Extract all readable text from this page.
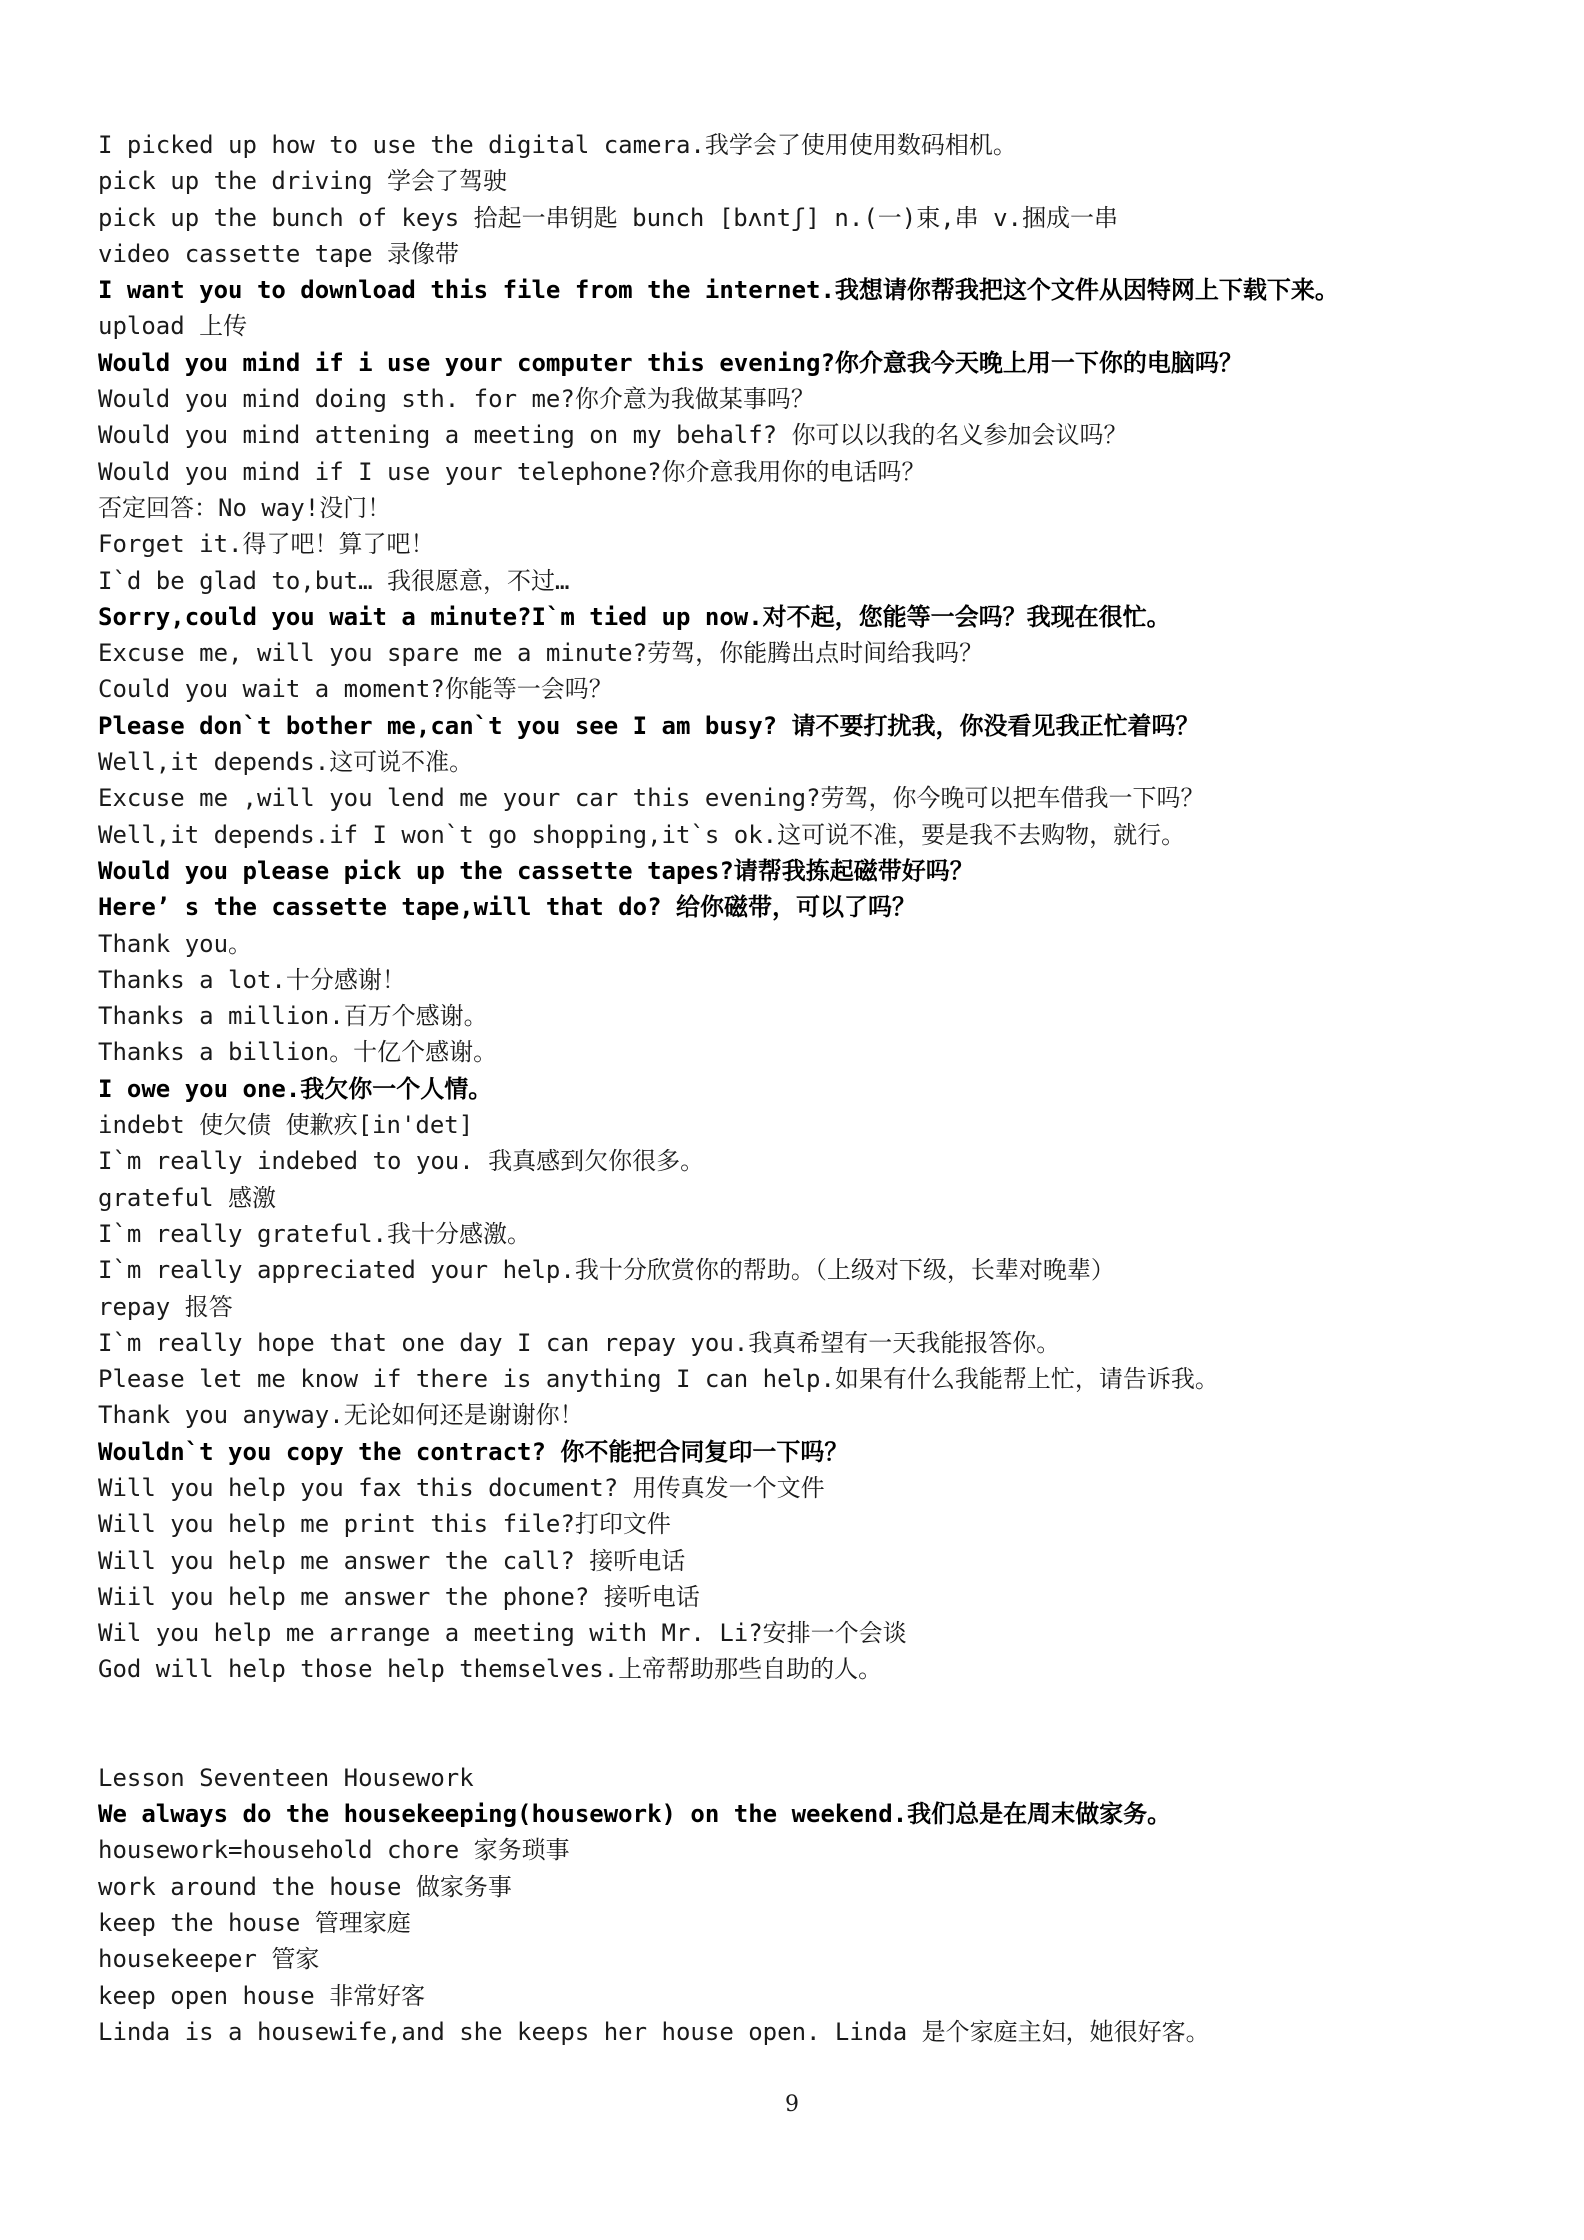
I picked up how to use the digital camera.我学会了使用使用数码相机。
pick up the driving 学会了驾驶
pick up the bunch of keys 拾起一串钥匙 bunch [bʌntʃ] n.(一)束,串 v.捆成一串
video cassette tape 录像带
I want you to download this file from the internet.我想请你帮我把这个文件从因特网上下载下来。
upload 上传
Would you mind if i use your computer this evening?你介意我今天晚上用一下你的电脑吗？
Would you mind doing sth. for me?你介意为我做某事吗？
Would you mind attening a meeting on my behalf? 你可以以我的名义参加会议吗？
Would you mind if I use your telephone?你介意我用你的电话吗？
否定回答：No way!没门！
Forget it.得了吧！算了吧！
I`d be glad to,but… 我很愿意，不过…
Sorry,could you wait a minute?I`m tied up now.对不起，您能等一会吗？我现在很忙。
Excuse me, will you spare me a minute?劳驾，你能腾出点时间给我吗？
Could you wait a moment?你能等一会吗？
Please don`t bother me,can`t you see I am busy? 请不要打扰我，你没看见我正忙着吗？
Well,it depends.这可说不准。
Excuse me ,will you lend me your car this evening?劳驾，你今晚可以把车借我一下吗？
Well,it depends.if I won`t go shopping,it`s ok.这可说不准，要是我不去购物，就行。
Would you please pick up the cassette tapes?请帮我拣起磁带好吗？
Here’ s the cassette tape,will that do? 给你磁带，可以了吗？
Thank you。
Thanks a lot.十分感谢！
Thanks a million.百万个感谢。
Thanks a billion。十亿个感谢。
I owe you one.我欠你一个人情。
indebt 使欠债 使歉疚[in'det]
I`m really indebed to you. 我真感到欠你很多。
grateful 感激
I`m really grateful.我十分感激。
I`m really appreciated your help.我十分欣赏你的帮助。（上级对下级，长辈对晚辈）
repay 报答
I`m really hope that one day I can repay you.我真希望有一天我能报答你。
Please let me know if there is anything I can help.如果有什么我能帮上忙，请告诉我。
Thank you anyway.无论如何还是谢谢你！
Wouldn`t you copy the contract? 你不能把合同复印一下吗？
Will you help you fax this document? 用传真发一个文件
Will you help me print this file?打印文件
Will you help me answer the call? 接听电话
Wiil you help me answer the phone? 接听电话
Wil you help me arrange a meeting with Mr. Li?安排一个会谈
God will help those help themselves.上帝帮助那些自助的人。
Lesson Seventeen Housework
We always do the housekeeping(housework) on the weekend.我们总是在周末做家务。
housework=household chore 家务琐事
work around the house 做家务事
keep the house 管理家庭
housekeeper 管家
keep open house 非常好客
Linda is a housewife,and she keeps her house open. Linda 是个家庭主妇，她很好客。
9
